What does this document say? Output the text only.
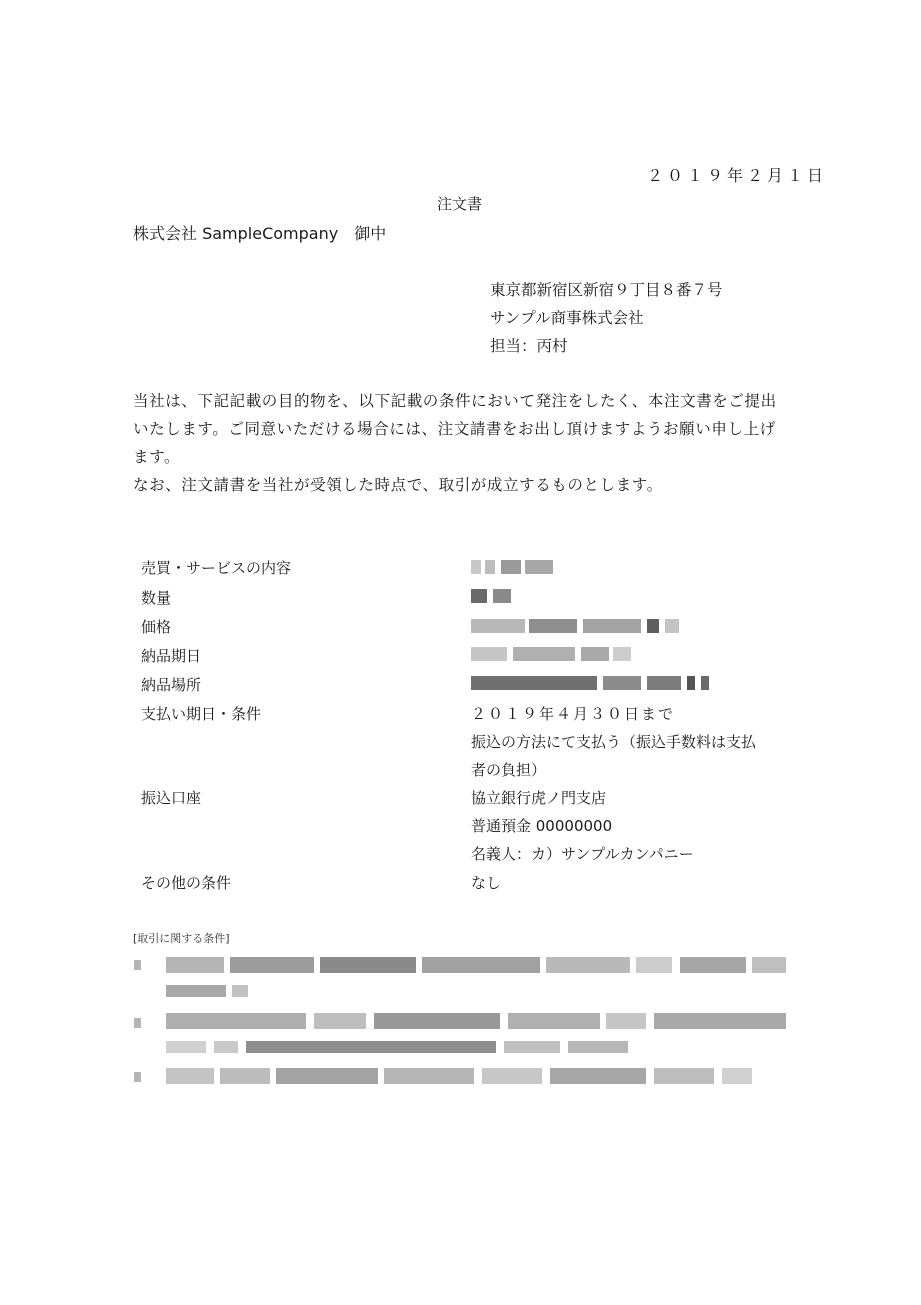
２０１９年２月１日
注文書
株式会社 SampleCompany　御中
東京都新宿区新宿９丁目８番７号
サンプル商事株式会社
担当：丙村
当社は、下記記載の目的物を、以下記載の条件において発注をしたく、本注文書をご提出
いたします。ご同意いただける場合には、注文請書をお出し頂けますようお願い申し上げ
ます。
なお、注文請書を当社が受領した時点で、取引が成立するものとします。
売買・サービスの内容
数量
価格
納品期日
納品場所
支払い期日・条件
振込口座
その他の条件
２０１９年４月３０日まで
振込の方法にて支払う（振込手数料は支払
者の負担）
協立銀行虎ノ門支店
普通預金 00000000
名義人：カ）サンプルカンパニー
なし
[取引に関する条件]
